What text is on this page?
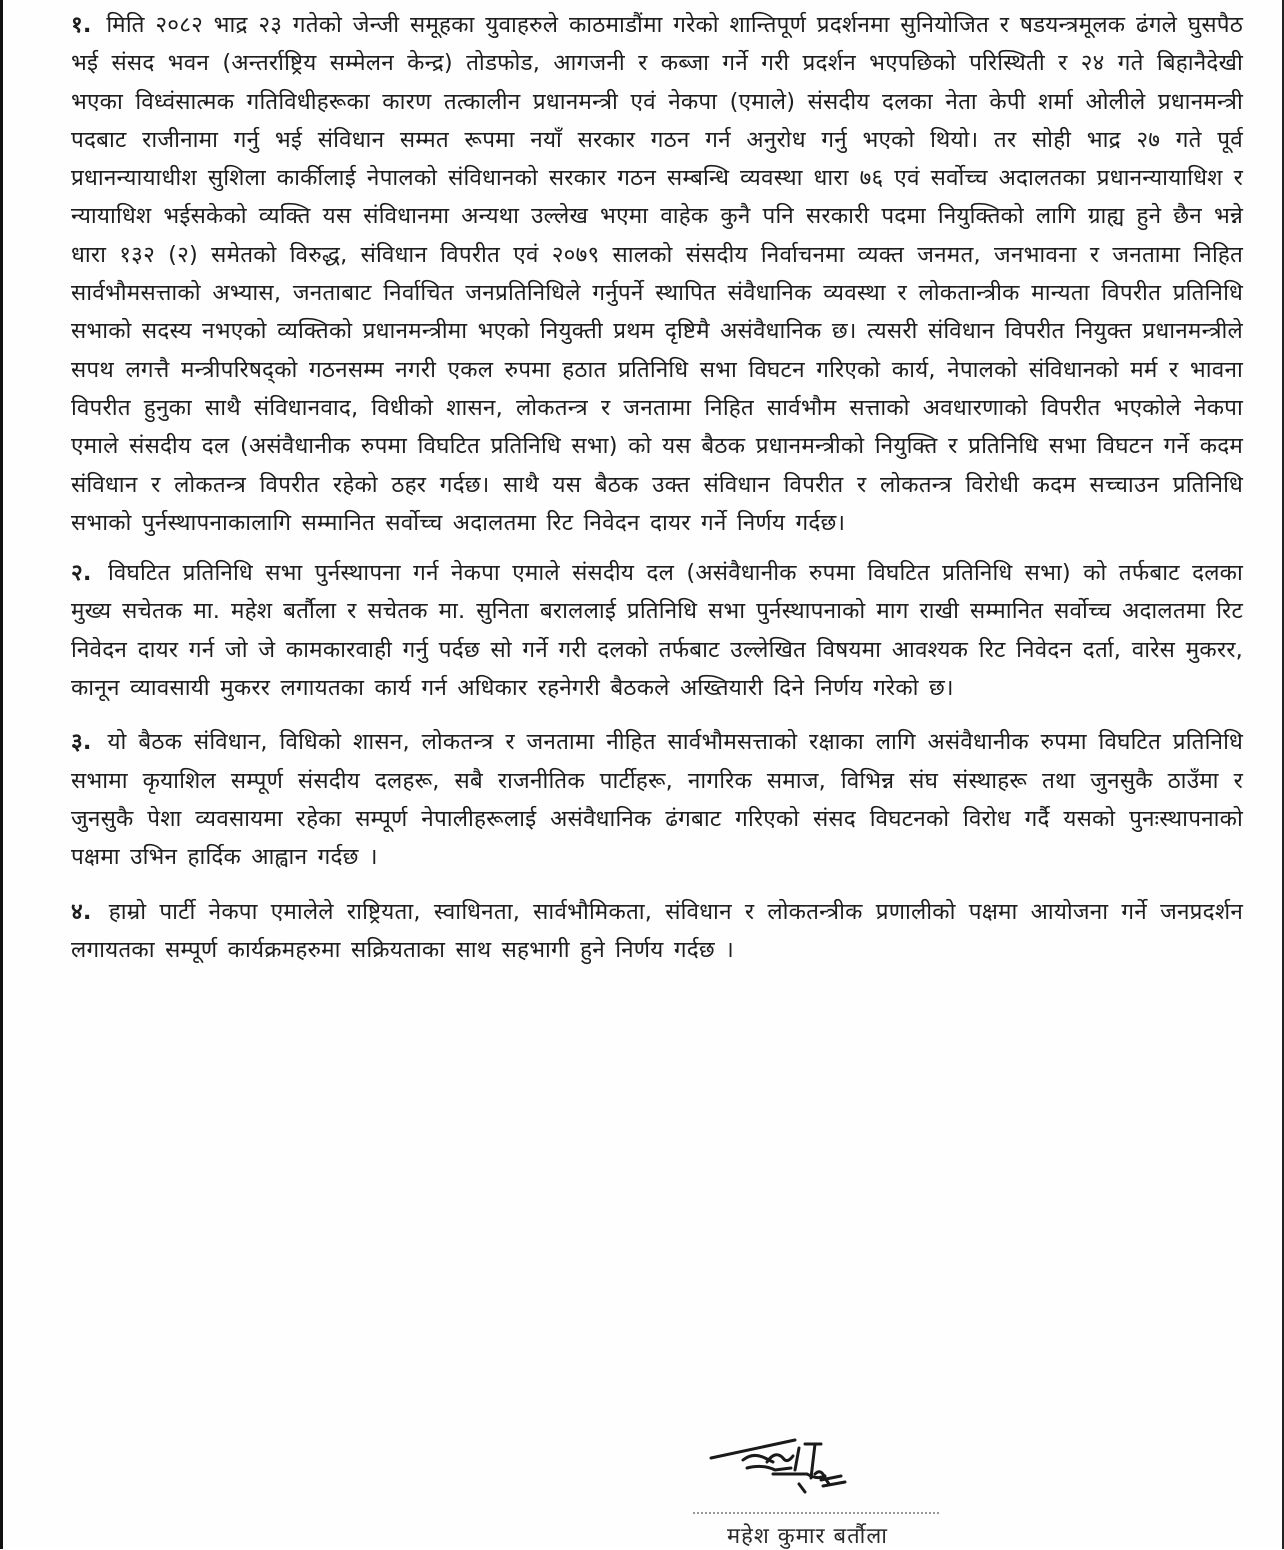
१. मिति २०८२ भाद्र २३ गतेको जेन्जी समूहका युवाहरुले काठमाडौंमा गरेको शान्तिपूर्ण प्रदर्शनमा सुनियोजित र षडयन्त्रमूलक ढंगले घुसपैठ भई संसद भवन (अन्तर्राष्ट्रिय सम्मेलन केन्द्र) तोडफोड, आगजनी र कब्जा गर्ने गरी प्रदर्शन भएपछिको परिस्थिती र २४ गते बिहानैदेखी भएका विध्वंसात्मक गतिविधीहरूका कारण तत्कालीन प्रधानमन्त्री एवं नेकपा (एमाले) संसदीय दलका नेता केपी शर्मा ओलीले प्रधानमन्त्री पदबाट राजीनामा गर्नु भई संविधान सम्मत रूपमा नयाँ सरकार गठन गर्न अनुरोध गर्नु भएको थियो। तर सोही भाद्र २७ गते पूर्व प्रधानन्यायाधीश सुशिला कार्कीलाई नेपालको संविधानको सरकार गठन सम्बन्धि व्यवस्था धारा ७६ एवं सर्वोच्च अदालतका प्रधानन्यायाधिश र न्यायाधिश भईसकेको व्यक्ति यस संविधानमा अन्यथा उल्लेख भएमा वाहेक कुनै पनि सरकारी पदमा नियुक्तिको लागि ग्राह्य हुने छैन भन्ने धारा १३२ (२) समेतको विरुद्ध, संविधान विपरीत एवं २०७९ सालको संसदीय निर्वाचनमा व्यक्त जनमत, जनभावना र जनतामा निहित सार्वभौमसत्ताको अभ्यास, जनताबाट निर्वाचित जनप्रतिनिधिले गर्नुपर्ने स्थापित संवैधानिक व्यवस्था र लोकतान्त्रीक मान्यता विपरीत प्रतिनिधि सभाको सदस्य नभएको व्यक्तिको प्रधानमन्त्रीमा भएको नियुक्ती प्रथम दृष्टिमै असंवैधानिक छ। त्यसरी संविधान विपरीत नियुक्त प्रधानमन्त्रीले सपथ लगत्तै मन्त्रीपरिषद्को गठनसम्म नगरी एकल रुपमा हठात प्रतिनिधि सभा विघटन गरिएको कार्य, नेपालको संविधानको मर्म र भावना विपरीत हुनुका साथै संविधानवाद, विधीको शासन, लोकतन्त्र र जनतामा निहित सार्वभौम सत्ताको अवधारणाको विपरीत भएकोले नेकपा एमाले संसदीय दल (असंवैधानीक रुपमा विघटित प्रतिनिधि सभा) को यस बैठक प्रधानमन्त्रीको नियुक्ति र प्रतिनिधि सभा विघटन गर्ने कदम संविधान र लोकतन्त्र विपरीत रहेको ठहर गर्दछ। साथै यस बैठक उक्त संविधान विपरीत र लोकतन्त्र विरोधी कदम सच्चाउन प्रतिनिधि सभाको पुर्नस्थापनाकालागि सम्मानित सर्वोच्च अदालतमा रिट निवेदन दायर गर्ने निर्णय गर्दछ।

२. विघटित प्रतिनिधि सभा पुर्नस्थापना गर्न नेकपा एमाले संसदीय दल (असंवैधानीक रुपमा विघटित प्रतिनिधि सभा) को तर्फबाट दलका मुख्य सचेतक मा. महेश बर्तौला र सचेतक मा. सुनिता बराललाई प्रतिनिधि सभा पुर्नस्थापनाको माग राखी सम्मानित सर्वोच्च अदालतमा रिट निवेदन दायर गर्न जो जे कामकारवाही गर्नु पर्दछ सो गर्ने गरी दलको तर्फबाट उल्लेखित विषयमा आवश्यक रिट निवेदन दर्ता, वारेस मुकरर, कानून व्यावसायी मुकरर लगायतका कार्य गर्न अधिकार रहनेगरी बैठकले अख्तियारी दिने निर्णय गरेको छ।

३. यो बैठक संविधान, विधिको शासन, लोकतन्त्र र जनतामा नीहित सार्वभौमसत्ताको रक्षाका लागि असंवैधानीक रुपमा विघटित प्रतिनिधि सभामा कृयाशिल सम्पूर्ण संसदीय दलहरू, सबै राजनीतिक पार्टीहरू, नागरिक समाज, विभिन्न संघ संस्थाहरू तथा जुनसुकै ठाउँमा र जुनसुकै पेशा व्यवसायमा रहेका सम्पूर्ण नेपालीहरूलाई असंवैधानिक ढंगबाट गरिएको संसद विघटनको विरोध गर्दै यसको पुनःस्थापनाको पक्षमा उभिन हार्दिक आह्वान गर्दछ ।

४. हाम्रो पार्टी नेकपा एमालेले राष्ट्रियता, स्वाधिनता, सार्वभौमिकता, संविधान र लोकतन्त्रीक प्रणालीको पक्षमा आयोजना गर्ने जनप्रदर्शन लगायतका सम्पूर्ण कार्यक्रमहरुमा सक्रियताका साथ सहभागी हुने निर्णय गर्दछ ।

महेश कुमार बर्तौला
